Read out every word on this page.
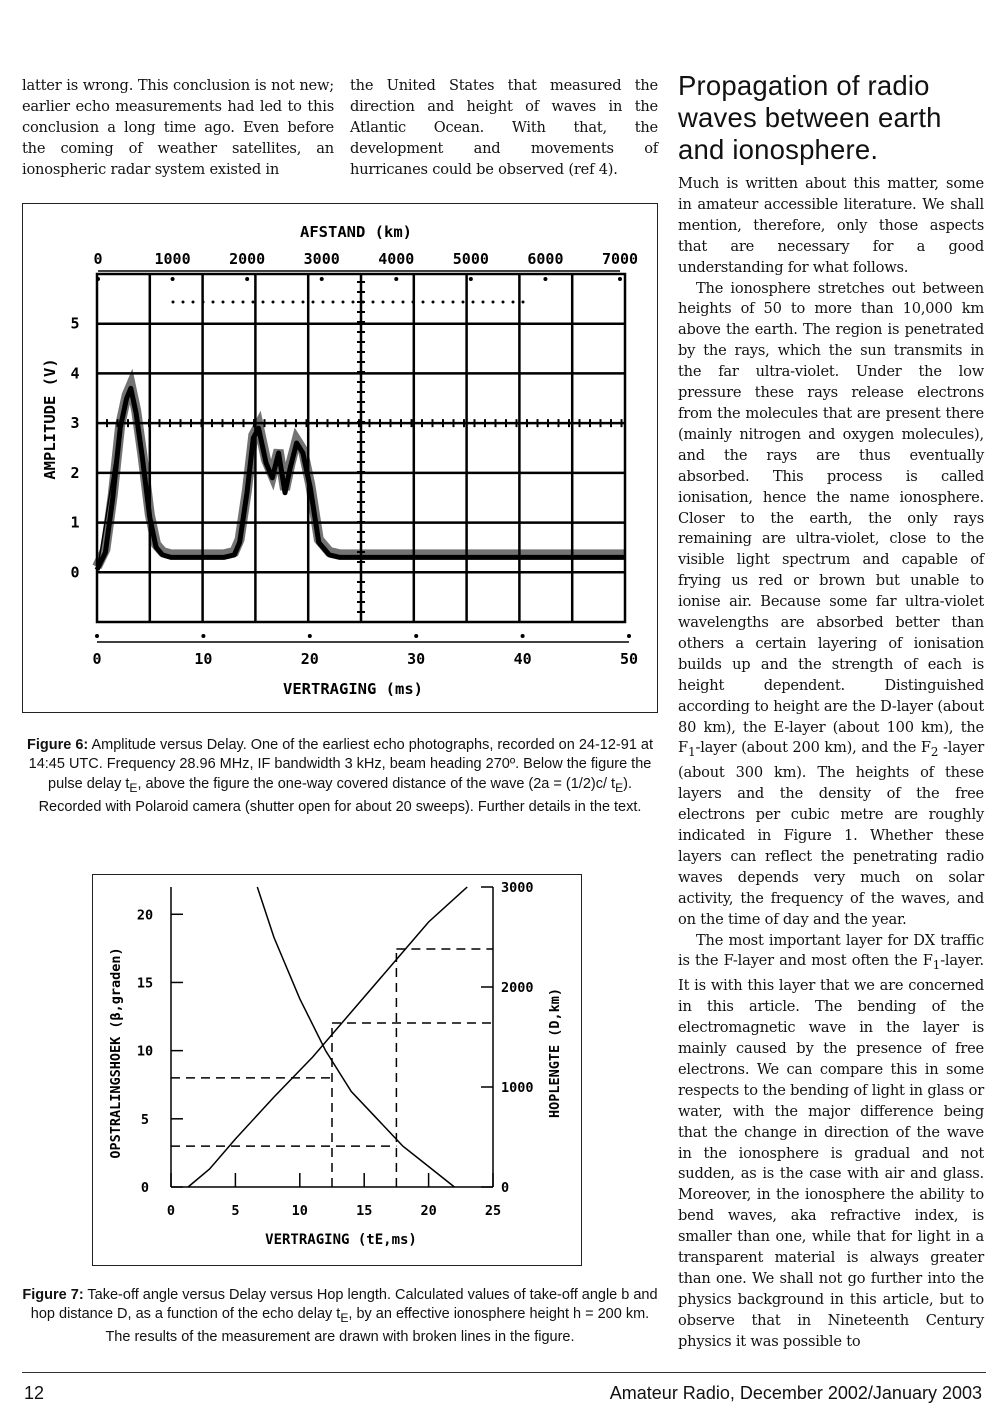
latter is wrong. This conclusion is not new; earlier echo measurements had led to this conclusion a long time ago. Even before the coming of weather satellites, an ionospheric radar system existed in

the United States that measured the direction and height of waves in the Atlantic Ocean. With that, the development and movements of hurricanes could be observed (ref 4).

Propagation of radio waves between earth and ionosphere.

Much is written about this matter, some in amateur accessible literature. We shall mention, therefore, only those aspects that are necessary for a good understanding for what follows.

The ionosphere stretches out between heights of 50 to more than 10,000 km above the earth. The region is penetrated by the rays, which the sun transmits in the far ultra-violet. Under the low pressure these rays release electrons from the molecules that are present there (mainly nitrogen and oxygen molecules), and the rays are thus eventually absorbed. This process is called ionisation, hence the name ionosphere. Closer to the earth, the only rays remaining are ultra-violet, close to the visible light spectrum and capable of frying us red or brown but unable to ionise air. Because some far ultra-violet wavelengths are absorbed better than others a certain layering of ionisation builds up and the strength of each is height dependent. Distinguished according to height are the D-layer (about 80 km), the E-layer (about 100 km), the $F_1$-layer (about 200 km), and the $F_2$ -layer (about 300 km). The heights of these layers and the density of the free electrons per cubic metre are roughly indicated in Figure 1. Whether these layers can reflect the penetrating radio waves depends very much on solar activity, the frequency of the waves, and on the time of day and the year.

The most important layer for DX traffic is the F-layer and most often the $F_1$-layer. It is with this layer that we are concerned in this article. The bending of the electromagnetic wave in the layer is mainly caused by the presence of free electrons. We can compare this in some respects to the bending of light in glass or water, with the major difference being that the change in direction of the wave in the ionosphere is gradual and not sudden, as is the case with air and glass. Moreover, in the ionosphere the ability to bend waves, aka refractive index, is smaller than one, while that for light in a transparent material is always greater than one. We shall not go further into the physics background in this article, but to observe that in Nineteenth Century physics it was possible to

AFSTAND (km)
0	1000	2000	3000	4000	5000	6000	7000
0	10	20	30	40	50
0
1
2
3
4
5
AMPLITUDE (V)
VERTRAGING (ms)
Figure 6: Amplitude versus Delay. One of the earliest echo photographs, recorded on 24-12-91 at 14:45 UTC. Frequency 28.96 MHz, IF bandwidth 3 kHz, beam heading 270º. Below the figure the pulse delay $t_E$, above the figure the one-way covered distance of the wave (2a = (1/2)c/ $t_E$). Recorded with Polaroid camera (shutter open for about 20 sweeps). Further details in the text.
0	5	10	15	20	25
0
5
10
15
20
0
1000
2000
3000
OPSTRALINGSHOEK (β,graden)	HOPLENGTE (D,km)
VERTRAGING (tE,ms)
Figure 7: Take-off angle versus Delay versus Hop length. Calculated values of take-off angle b and hop distance D, as a function of the echo delay $t_E$, by an effective ionosphere height h = 200 km. The results of the measurement are drawn with broken lines in the figure.
12	Amateur Radio, December 2002/January 2003
